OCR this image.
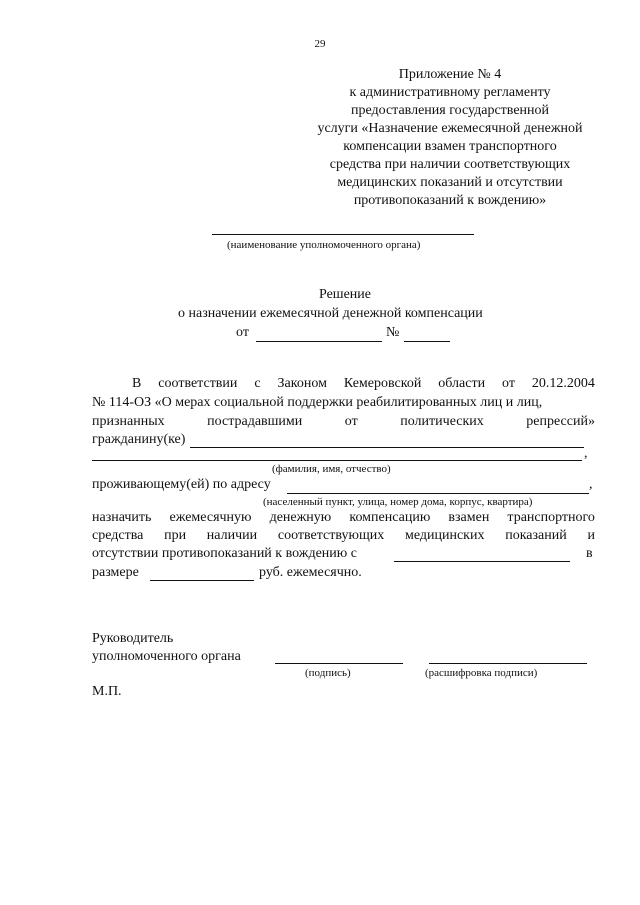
29
Приложение № 4
к административному регламенту
предоставления государственной
услуги «Назначение ежемесячной денежной
компенсации взамен транспортного
средства при наличии соответствующих
медицинских показаний и отсутствии
противопоказаний к вождению»
(наименование уполномоченного органа)
Решение
о назначении ежемесячной денежной компенсации
от	№
В соответствии с Законом Кемеровской области от 20.12.2004
№ 114-ОЗ «О мерах социальной поддержки реабилитированных лиц и лиц,
признанных	пострадавшими	от	политических	репрессий»
гражданину(ке)
,
(фамилия, имя, отчество)
проживающему(ей) по адресу	,
(населенный пункт, улица, номер дома, корпус, квартира)
назначить ежемесячную денежную компенсацию взамен транспортного
средства при наличии соответствующих медицинских показаний и
отсутствии противопоказаний к вождению с	в
размере	руб. ежемесячно.
Руководитель
уполномоченного органа
(подпись)	(расшифровка подписи)
М.П.
